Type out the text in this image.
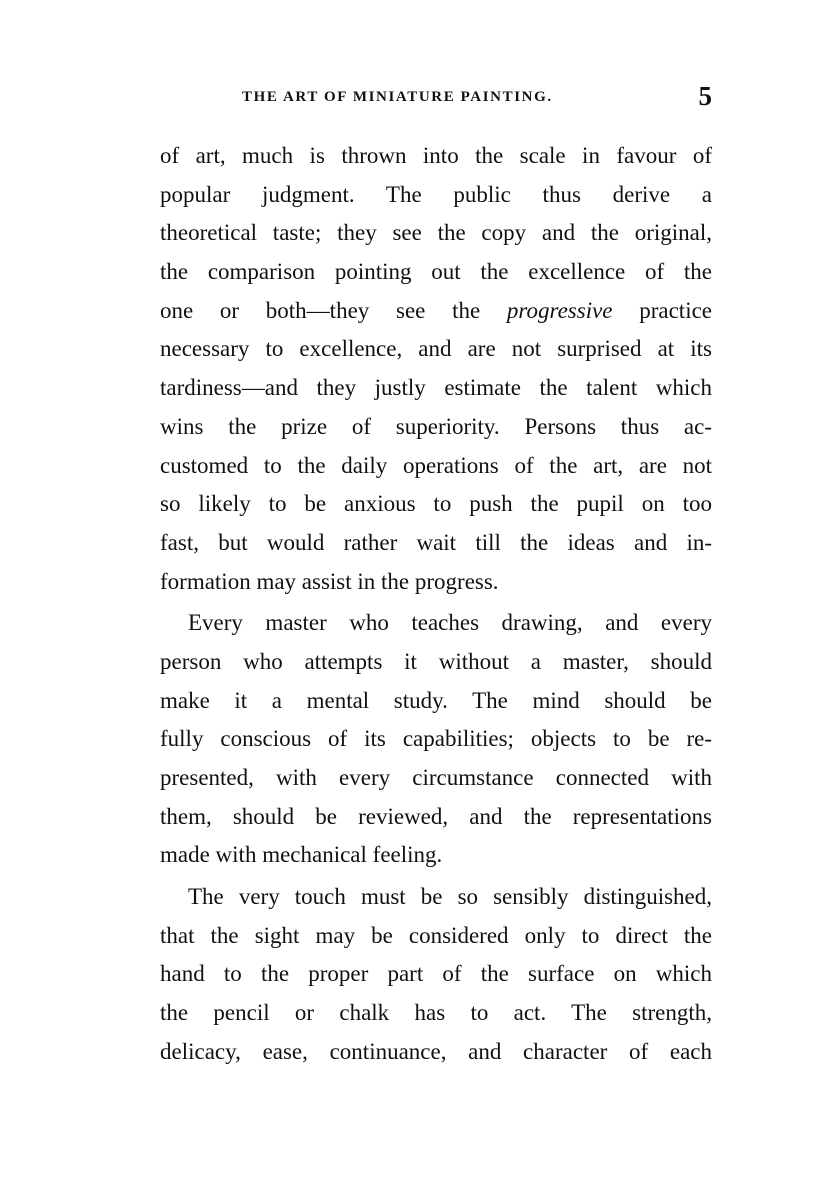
THE ART OF MINIATURE PAINTING.	5
of art, much is thrown into the scale in favour of
popular judgment. The public thus derive a
theoretical taste; they see the copy and the original,
the comparison pointing out the excellence of the
one or both—they see the progressive practice
necessary to excellence, and are not surprised at its
tardiness—and they justly estimate the talent which
wins the prize of superiority. Persons thus ac-
customed to the daily operations of the art, are not
so likely to be anxious to push the pupil on too
fast, but would rather wait till the ideas and in-
formation may assist in the progress.
Every master who teaches drawing, and every
person who attempts it without a master, should
make it a mental study. The mind should be
fully conscious of its capabilities; objects to be re-
presented, with every circumstance connected with
them, should be reviewed, and the representations
made with mechanical feeling.
The very touch must be so sensibly distinguished,
that the sight may be considered only to direct the
hand to the proper part of the surface on which
the pencil or chalk has to act. The strength,
delicacy, ease, continuance, and character of each
